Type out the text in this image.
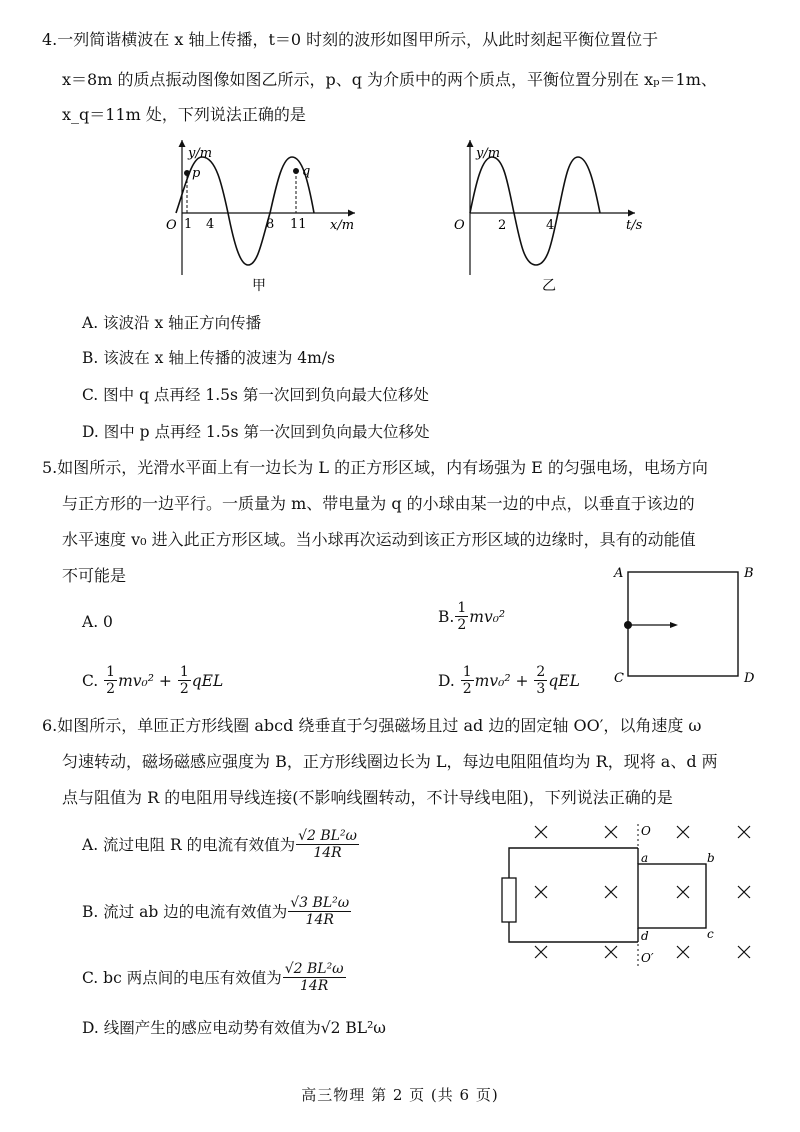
4.一列简谐横波在 x 轴上传播，t＝0 时刻的波形如图甲所示，从此时刻起平衡位置位于
x＝8m 的质点振动图像如图乙所示，p、q 为介质中的两个质点，平衡位置分别在 xₚ＝1m、
x_q＝11m 处，下列说法正确的是
y/m
O
p	q
1 4	8 11 x/m
甲
y/m
O	2	4	t/s
乙
A. 该波沿 x 轴正方向传播
B. 该波在 x 轴上传播的波速为 4m/s
C. 图中 q 点再经 1.5s 第一次回到负向最大位移处
D. 图中 p 点再经 1.5s 第一次回到负向最大位移处
5.如图所示，光滑水平面上有一边长为 L 的正方形区域，内有场强为 E 的匀强电场，电场方向
与正方形的一边平行。一质量为 m、带电量为 q 的小球由某一边的中点，以垂直于该边的
水平速度 v₀ 进入此正方形区域。当小球再次运动到该正方形区域的边缘时，具有的动能值
不可能是	A	B
C	D
A. 0	B. $\frac{1}{2} mv_0^2$
C.
$\frac{1}{2} mv_0^2$ +
$\frac{1}{2}$ qEL	D.
$\frac{1}{2} mv_0^2$ +
$\frac{2}{3}$ qEL
6.如图所示，单匝正方形线圈 abcd 绕垂直于匀强磁场且过 ad 边的固定轴 OO′，以角速度 ω
匀速转动，磁场磁感应强度为 B，正方形线圈边长为 L，每边电阻阻值均为 R，现将 a、d 两
点与阻值为 R 的电阻用导线连接(不影响线圈转动，不计导线电阻)，下列说法正确的是
O
O′
a	b
c
d
A. 流过电阻 R 的电流有效值为 $\frac{\text{√2 BL²ω}}{14R}$
B. 流过 ab 边的电流有效值为 $\frac{\text{√3 BL²ω}}{14R}$
C. bc 两点间的电压有效值为 $\frac{\text{√2 BL²ω}}{14R}$
D. 线圈产生的感应电动势有效值为√2 BL²ω
高三物理 第 2 页 (共 6 页)
